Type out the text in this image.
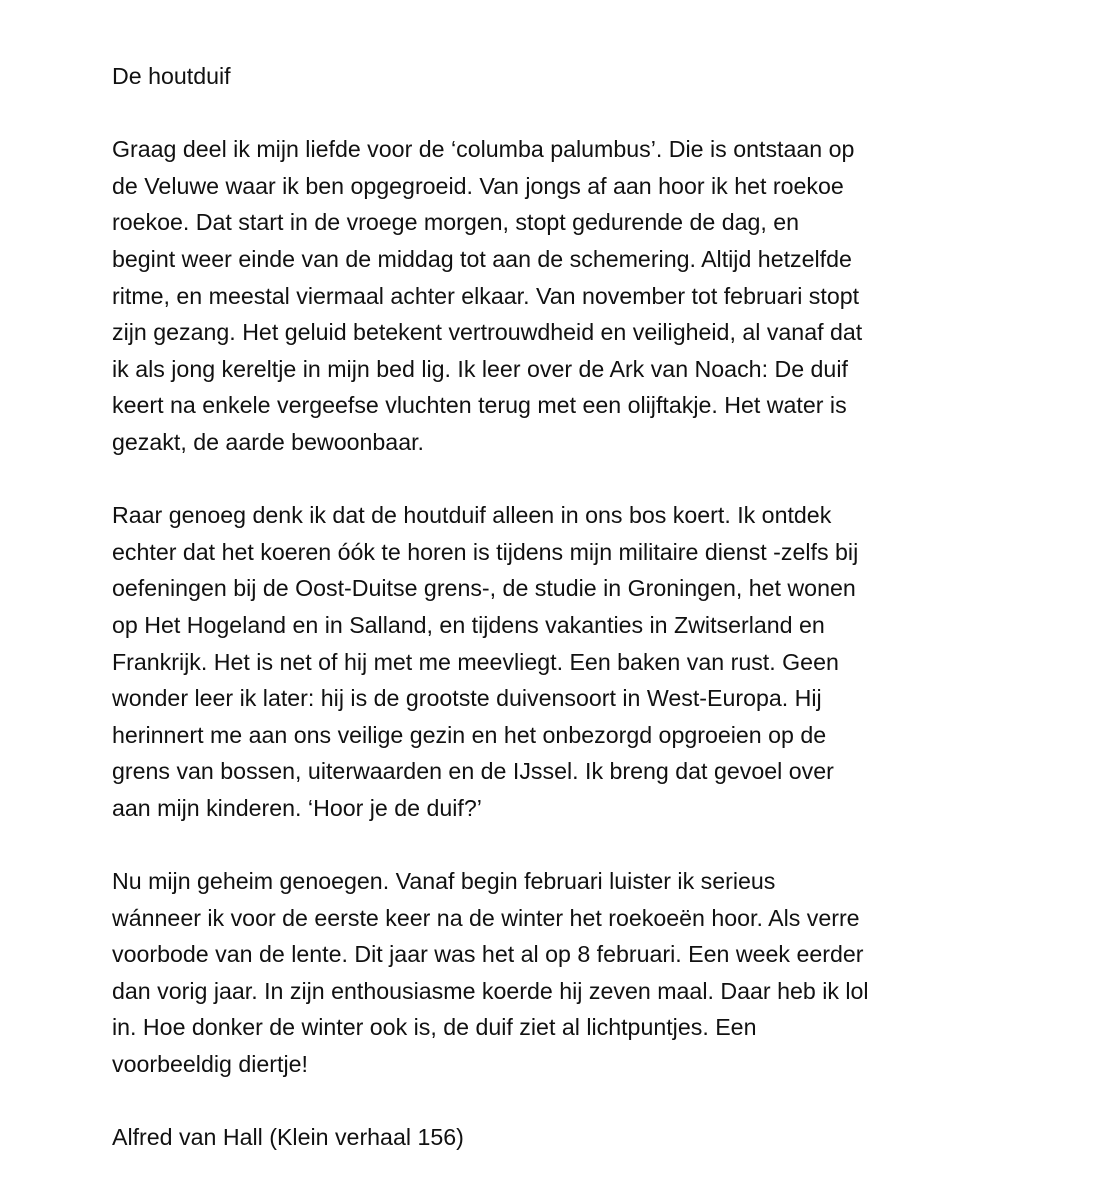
De houtduif
Graag deel ik mijn liefde voor de ‘columba palumbus’. Die is ontstaan op
de Veluwe waar ik ben opgegroeid. Van jongs af aan hoor ik het roekoe
roekoe. Dat start in de vroege morgen, stopt gedurende de dag, en
begint weer einde van de middag tot aan de schemering. Altijd hetzelfde
ritme, en meestal viermaal achter elkaar. Van november tot februari stopt
zijn gezang. Het geluid betekent vertrouwdheid en veiligheid, al vanaf dat
ik als jong kereltje in mijn bed lig. Ik leer over de Ark van Noach: De duif
keert na enkele vergeefse vluchten terug met een olijftakje. Het water is
gezakt, de aarde bewoonbaar.
Raar genoeg denk ik dat de houtduif alleen in ons bos koert. Ik ontdek
echter dat het koeren óók te horen is tijdens mijn militaire dienst -zelfs bij
oefeningen bij de Oost-Duitse grens-, de studie in Groningen, het wonen
op Het Hogeland en in Salland, en tijdens vakanties in Zwitserland en
Frankrijk. Het is net of hij met me meevliegt. Een baken van rust. Geen
wonder leer ik later: hij is de grootste duivensoort in West-Europa. Hij
herinnert me aan ons veilige gezin en het onbezorgd opgroeien op de
grens van bossen, uiterwaarden en de IJssel. Ik breng dat gevoel over
aan mijn kinderen. ‘Hoor je de duif?’
Nu mijn geheim genoegen. Vanaf begin februari luister ik serieus
wánneer ik voor de eerste keer na de winter het roekoeën hoor. Als verre
voorbode van de lente. Dit jaar was het al op 8 februari. Een week eerder
dan vorig jaar. In zijn enthousiasme koerde hij zeven maal. Daar heb ik lol
in. Hoe donker de winter ook is, de duif ziet al lichtpuntjes. Een
voorbeeldig diertje!
Alfred van Hall (Klein verhaal 156)
